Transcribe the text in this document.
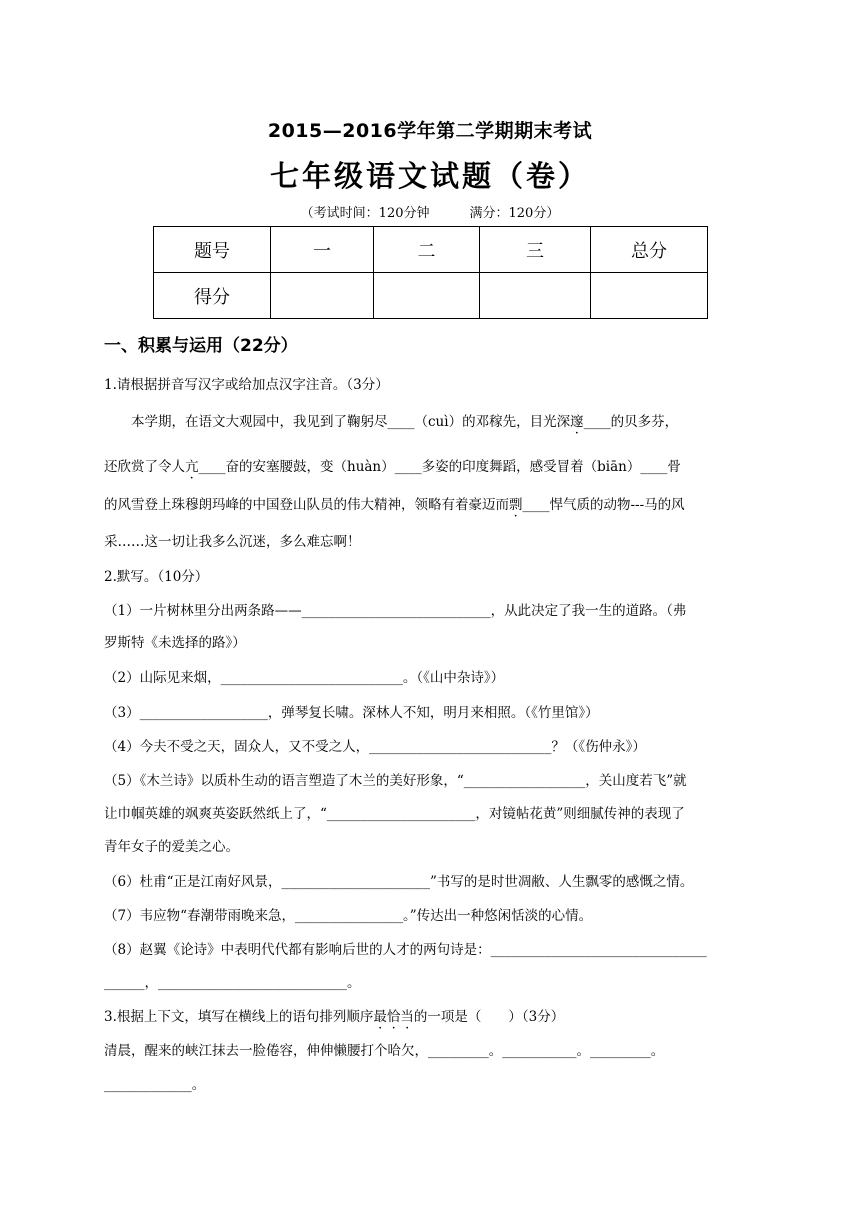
2015—2016学年第二学期期末考试
七年级语文试题（卷）
（考试时间：120分钟	满分：120分）
题号	一	二	三	总分
得分				
一、积累与运用（22分）
1.请根据拼音写汉字或给加点汉字注音。（3分）
本学期，在语文大观园中，我见到了鞠躬尽____（cuì）的邓稼先，目光深邃____的贝多芬，
还欣赏了令人亢____奋的安塞腰鼓，变（huàn）____多姿的印度舞蹈，感受冒着（biān）____骨
的风雪登上珠穆朗玛峰的中国登山队员的伟大精神，领略有着豪迈而剽____悍气质的动物---马的风
采……这一切让我多么沉迷，多么难忘啊！
2.默写。（10分）
（1）一片树林里分出两条路——____________________________，从此决定了我一生的道路。（弗
罗斯特《未选择的路》）
（2）山际见来烟，___________________________。（《山中杂诗》）
（3）___________________，弹琴复长啸。深林人不知，明月来相照。（《竹里馆》）
（4）今夫不受之天，固众人，又不受之人，___________________________？（《伤仲永》）
（5）《木兰诗》以质朴生动的语言塑造了木兰的美好形象，“__________________，关山度若飞”就
让巾帼英雄的飒爽英姿跃然纸上了，“______________________，对镜帖花黄”则细腻传神的表现了
青年女子的爱美之心。
（6）杜甫“正是江南好风景，______________________”书写的是时世凋敝、人生飘零的感慨之情。
（7）韦应物“春潮带雨晚来急，________________。”传达出一种悠闲恬淡的心情。
（8）赵翼《论诗》中表明代代都有影响后世的人才的两句诗是：________________________________
______，____________________________。
3.根据上下文，填写在横线上的语句排列顺序最恰当的一项是（　　）（3分）
清晨，醒来的峡江抹去一脸倦容，伸伸懒腰打个哈欠，_________。___________。_________。
_____________。
